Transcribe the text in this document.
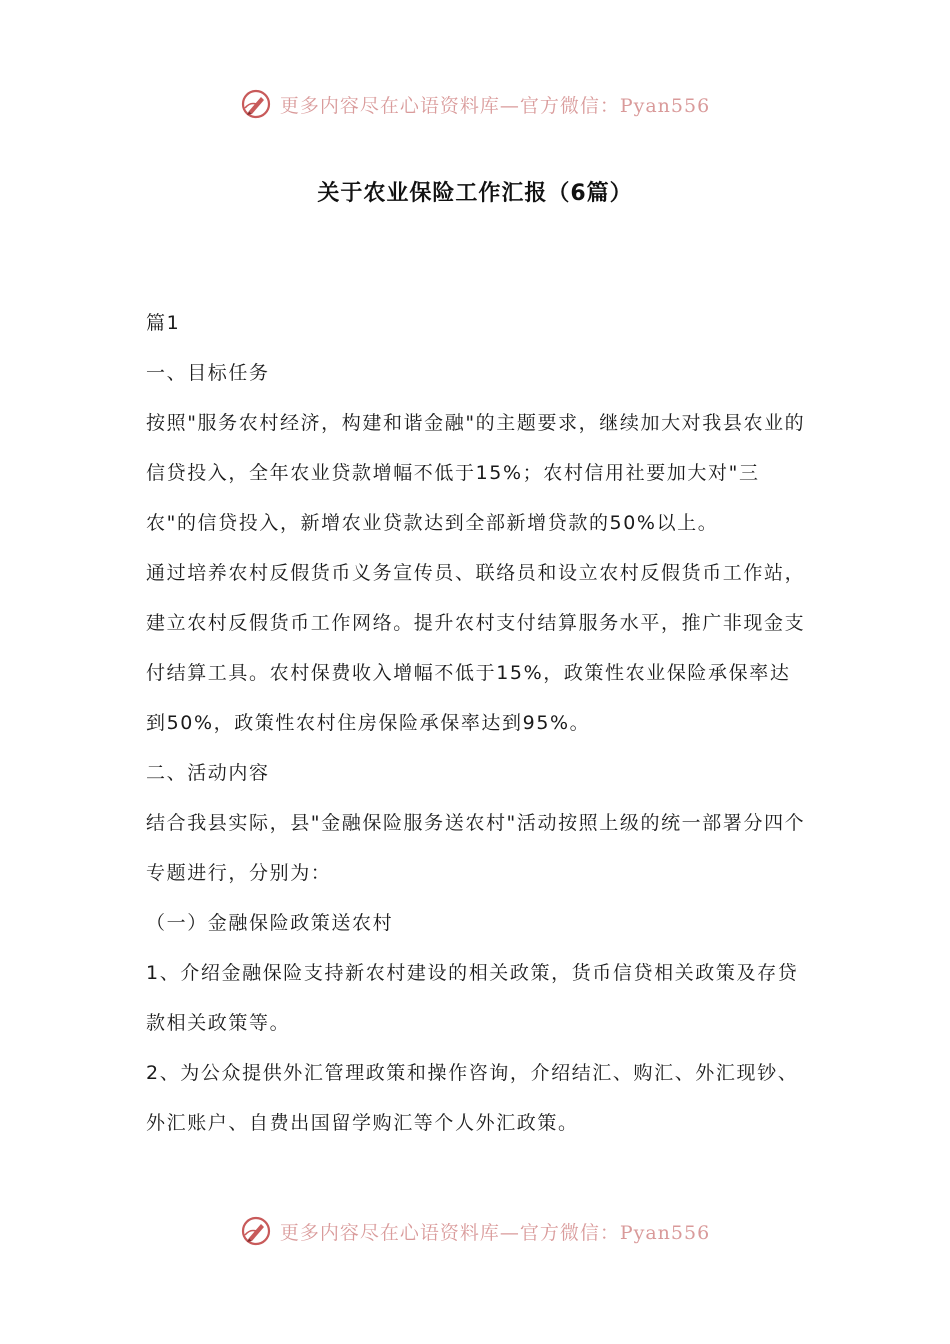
更多内容尽在心语资料库—官方微信：Pyan556
关于农业保险工作汇报（6篇）

篇1

一、目标任务

按照"服务农村经济，构建和谐金融"的主题要求，继续加大对我县农业的信贷投入，全年农业贷款增幅不低于15%；农村信用社要加大对"三农"的信贷投入，新增农业贷款达到全部新增贷款的50%以上。

通过培养农村反假货币义务宣传员、联络员和设立农村反假货币工作站，建立农村反假货币工作网络。提升农村支付结算服务水平，推广非现金支付结算工具。农村保费收入增幅不低于15%，政策性农业保险承保率达到50%，政策性农村住房保险承保率达到95%。

二、活动内容

结合我县实际，县"金融保险服务送农村"活动按照上级的统一部署分四个专题进行，分别为：

（一）金融保险政策送农村

1、介绍金融保险支持新农村建设的相关政策，货币信贷相关政策及存贷款相关政策等。

2、为公众提供外汇管理政策和操作咨询，介绍结汇、购汇、外汇现钞、外汇账户、自费出国留学购汇等个人外汇政策。

更多内容尽在心语资料库—官方微信：Pyan556
